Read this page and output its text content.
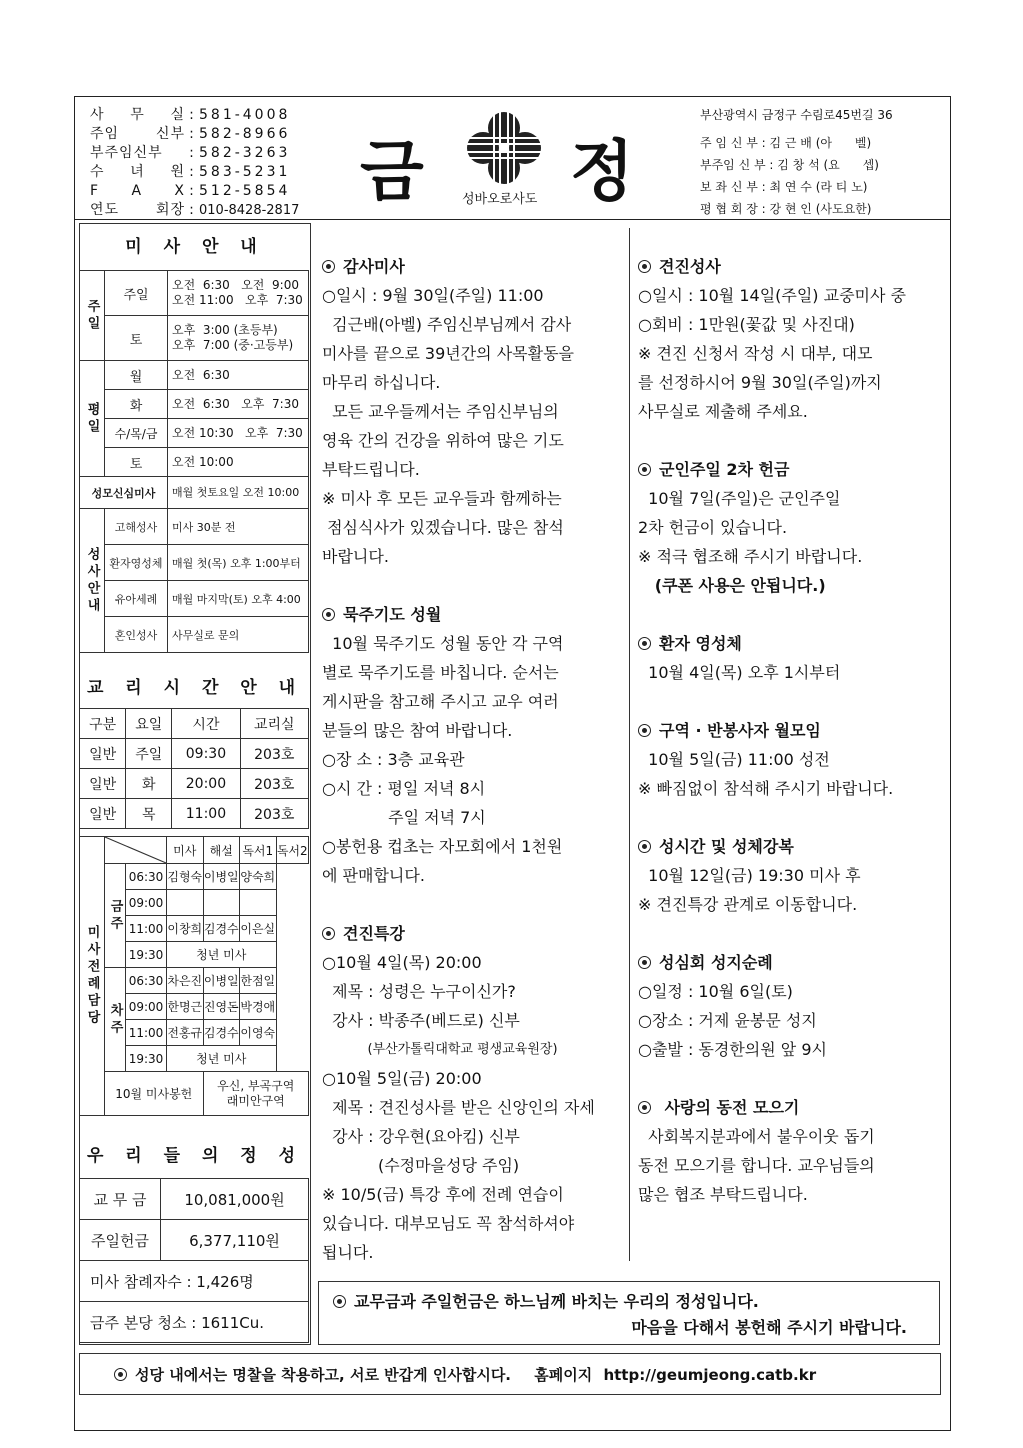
사 무 실 : 581-4008
주임 신부 : 582-8966
부주임신부	: 582-3263
수 녀 원 : 583-5231
F A X : 512-5854
연도 회장 : 010-8428-2817
금 정
성바오로사도
부산광역시 금정구 수림로45번길 36
주 임 신 부 : 김 근 배 (아      벨)
부주임 신 부 : 김 창 석 (요      셉)
보 좌 신 부 : 최 연 수 (라 티 노)
평 협 회 장 : 강 현 인 (사도요한)
미 사 안 내
주일	주일	오전  6:30   오전  9:00
오전 11:00   오후  7:30
	토	오후  3:00 (초등부)
오후  7:00 (중·고등부)
평일	월	오전  6:30
	화	오전  6:30   오후  7:30
	수/목/금	오전 10:30   오후  7:30
	토	오전 10:00
성모신심미사		매월 첫토요일 오전 10:00
성사안내	고해성사	미사 30분 전
	환자영성체	매월 첫(목) 오후 1:00부터
	유아세례	매월 마지막(토) 오후 4:00
	혼인성사	사무실로 문의
교 리 시 간 안 내
구분	요일	시간	교리실
일반	주일	09:30	203호
일반	화	20:00	203호
일반	목	11:00	203호
미사전례담당			미사	해설	독서1	독서2
	금주	06:30	김형숙	이병일	양숙희	
		09:00				
		11:00	이창희	김경수	이은실	
		19:30	청년 미사			
	차주	06:30	차은진	이병일	한점일	
		09:00	한명근	진영돈	박경애	
		11:00	전홍규	김경수	이영숙	
		19:30	청년 미사			
	10월 미사봉헌			우신, 부곡구역
래미안구역		
우 리 들 의 정 성
교 무 금	10,081,000원
주일헌금	6,377,110원
미사 참례자수 : 1,426명	
금주 본당 청소 : 1611Cu.	

감사미사

○일시 : 9월 30일(주일) 11:00

김근배(아벨) 주임신부님께서 감사

미사를 끝으로 39년간의 사목활동을

마무리 하십니다.

모든 교우들께서는 주임신부님의

영육 간의 건강을 위하여 많은 기도

부탁드립니다.

※ 미사 후 모든 교우들과 함께하는

점심식사가 있겠습니다. 많은 참석

바랍니다.

묵주기도 성월

10월 묵주기도 성월 동안 각 구역

별로 묵주기도를 바칩니다. 순서는

게시판을 참고해 주시고 교우 여러

분들의 많은 참여 바랍니다.

○장 소 : 3층 교육관

○시 간 : 평일 저녁 8시

주일 저녁 7시

○봉헌용 컵초는 자모회에서 1천원

에 판매합니다.

견진특강

○10월 4일(목) 20:00

제목 : 성령은 누구이신가?

강사 : 박종주(베드로) 신부

(부산가톨릭대학교 평생교육원장)

○10월 5일(금) 20:00

제목 : 견진성사를 받은 신앙인의 자세

강사 : 강우현(요아킴) 신부

(수정마을성당 주임)

※ 10/5(금) 특강 후에 전례 연습이

있습니다. 대부모님도 꼭 참석하셔야

됩니다.

견진성사

○일시 : 10월 14일(주일) 교중미사 중

○회비 : 1만원(꽃값 및 사진대)

※ 견진 신청서 작성 시 대부, 대모

를 선정하시어 9월 30일(주일)까지

사무실로 제출해 주세요.

군인주일 2차 헌금

10월 7일(주일)은 군인주일

2차 헌금이 있습니다.

※ 적극 협조해 주시기 바랍니다.

(쿠폰 사용은 안됩니다.)

환자 영성체

10월 4일(목) 오후 1시부터

구역 · 반봉사자 월모임

10월 5일(금) 11:00 성전

※ 빠짐없이 참석해 주시기 바랍니다.

성시간 및 성체강복

10월 12일(금) 19:30 미사 후

※ 견진특강 관계로 이동합니다.

성심회 성지순례

○일정 : 10월 6일(토)

○장소 : 거제 윤봉문 성지

○출발 : 동경한의원 앞 9시

사랑의 동전 모으기

사회복지분과에서 불우이웃 돕기

동전 모으기를 합니다. 교우님들의

많은 협조 부탁드립니다.

교무금과 주일헌금은 하느님께 바치는 우리의 정성입니다.
마음을 다해서 봉헌해 주시기 바랍니다.
성당 내에서는 명찰을 착용하고, 서로 반갑게 인사합시다. 홈페이지 http://geumjeong.catb.kr
